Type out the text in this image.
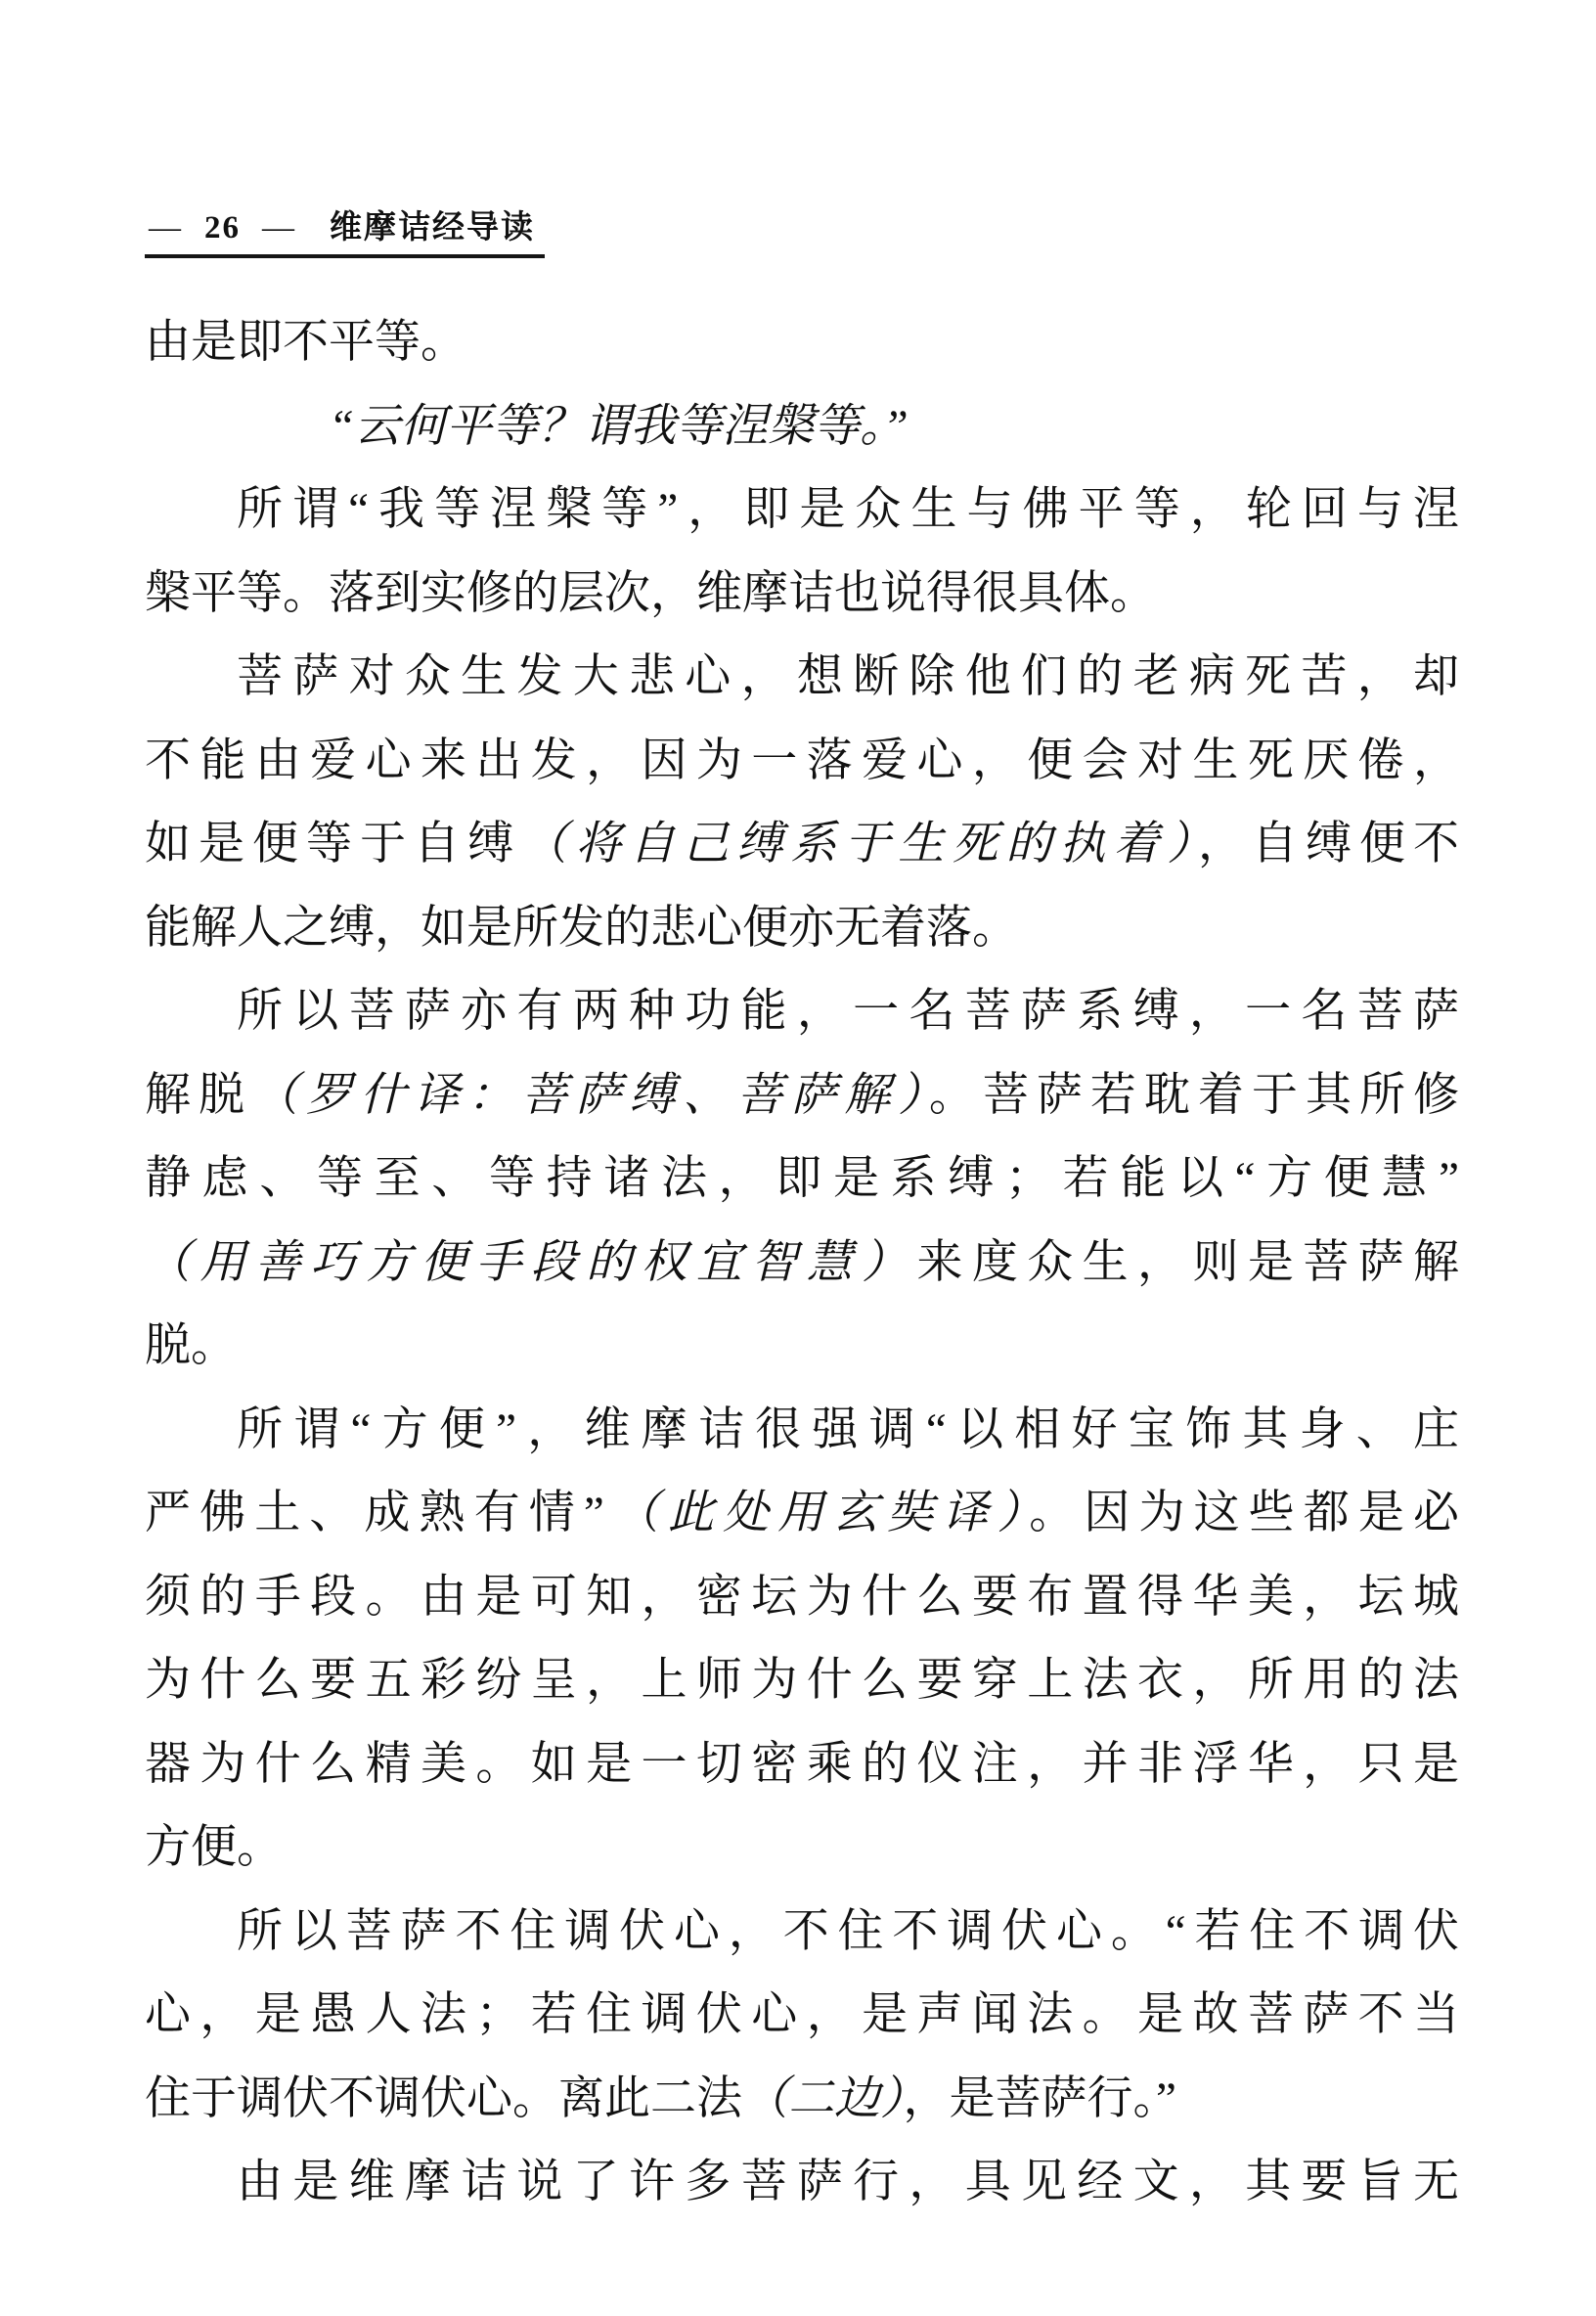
— 26 — 维摩诘经导读
由是即不平等。
“云何平等？谓我等涅槃等。”
所谓“我等涅槃等”，即是众生与佛平等，轮回与涅
槃平等。落到实修的层次，维摩诘也说得很具体。
菩萨对众生发大悲心，想断除他们的老病死苦，却
不能由爱心来出发，因为一落爱心，便会对生死厌倦，
如是便等于自缚（将自己缚系于生死的执着），自缚便不
能解人之缚，如是所发的悲心便亦无着落。
所以菩萨亦有两种功能，一名菩萨系缚，一名菩萨
解脱（罗什译：菩萨缚、菩萨解）。菩萨若耽着于其所修
静虑、等至、等持诸法，即是系缚；若能以“方便慧”
（用善巧方便手段的权宜智慧）来度众生，则是菩萨解
脱。
所谓“方便”，维摩诘很强调“以相好宝饰其身、庄
严佛土、成熟有情”（此处用玄奘译）。因为这些都是必
须的手段。由是可知，密坛为什么要布置得华美，坛城
为什么要五彩纷呈，上师为什么要穿上法衣，所用的法
器为什么精美。如是一切密乘的仪注，并非浮华，只是
方便。
所以菩萨不住调伏心，不住不调伏心。“若住不调伏
心，是愚人法；若住调伏心，是声闻法。是故菩萨不当
住于调伏不调伏心。离此二法（二边），是菩萨行。”
由是维摩诘说了许多菩萨行，具见经文，其要旨无
